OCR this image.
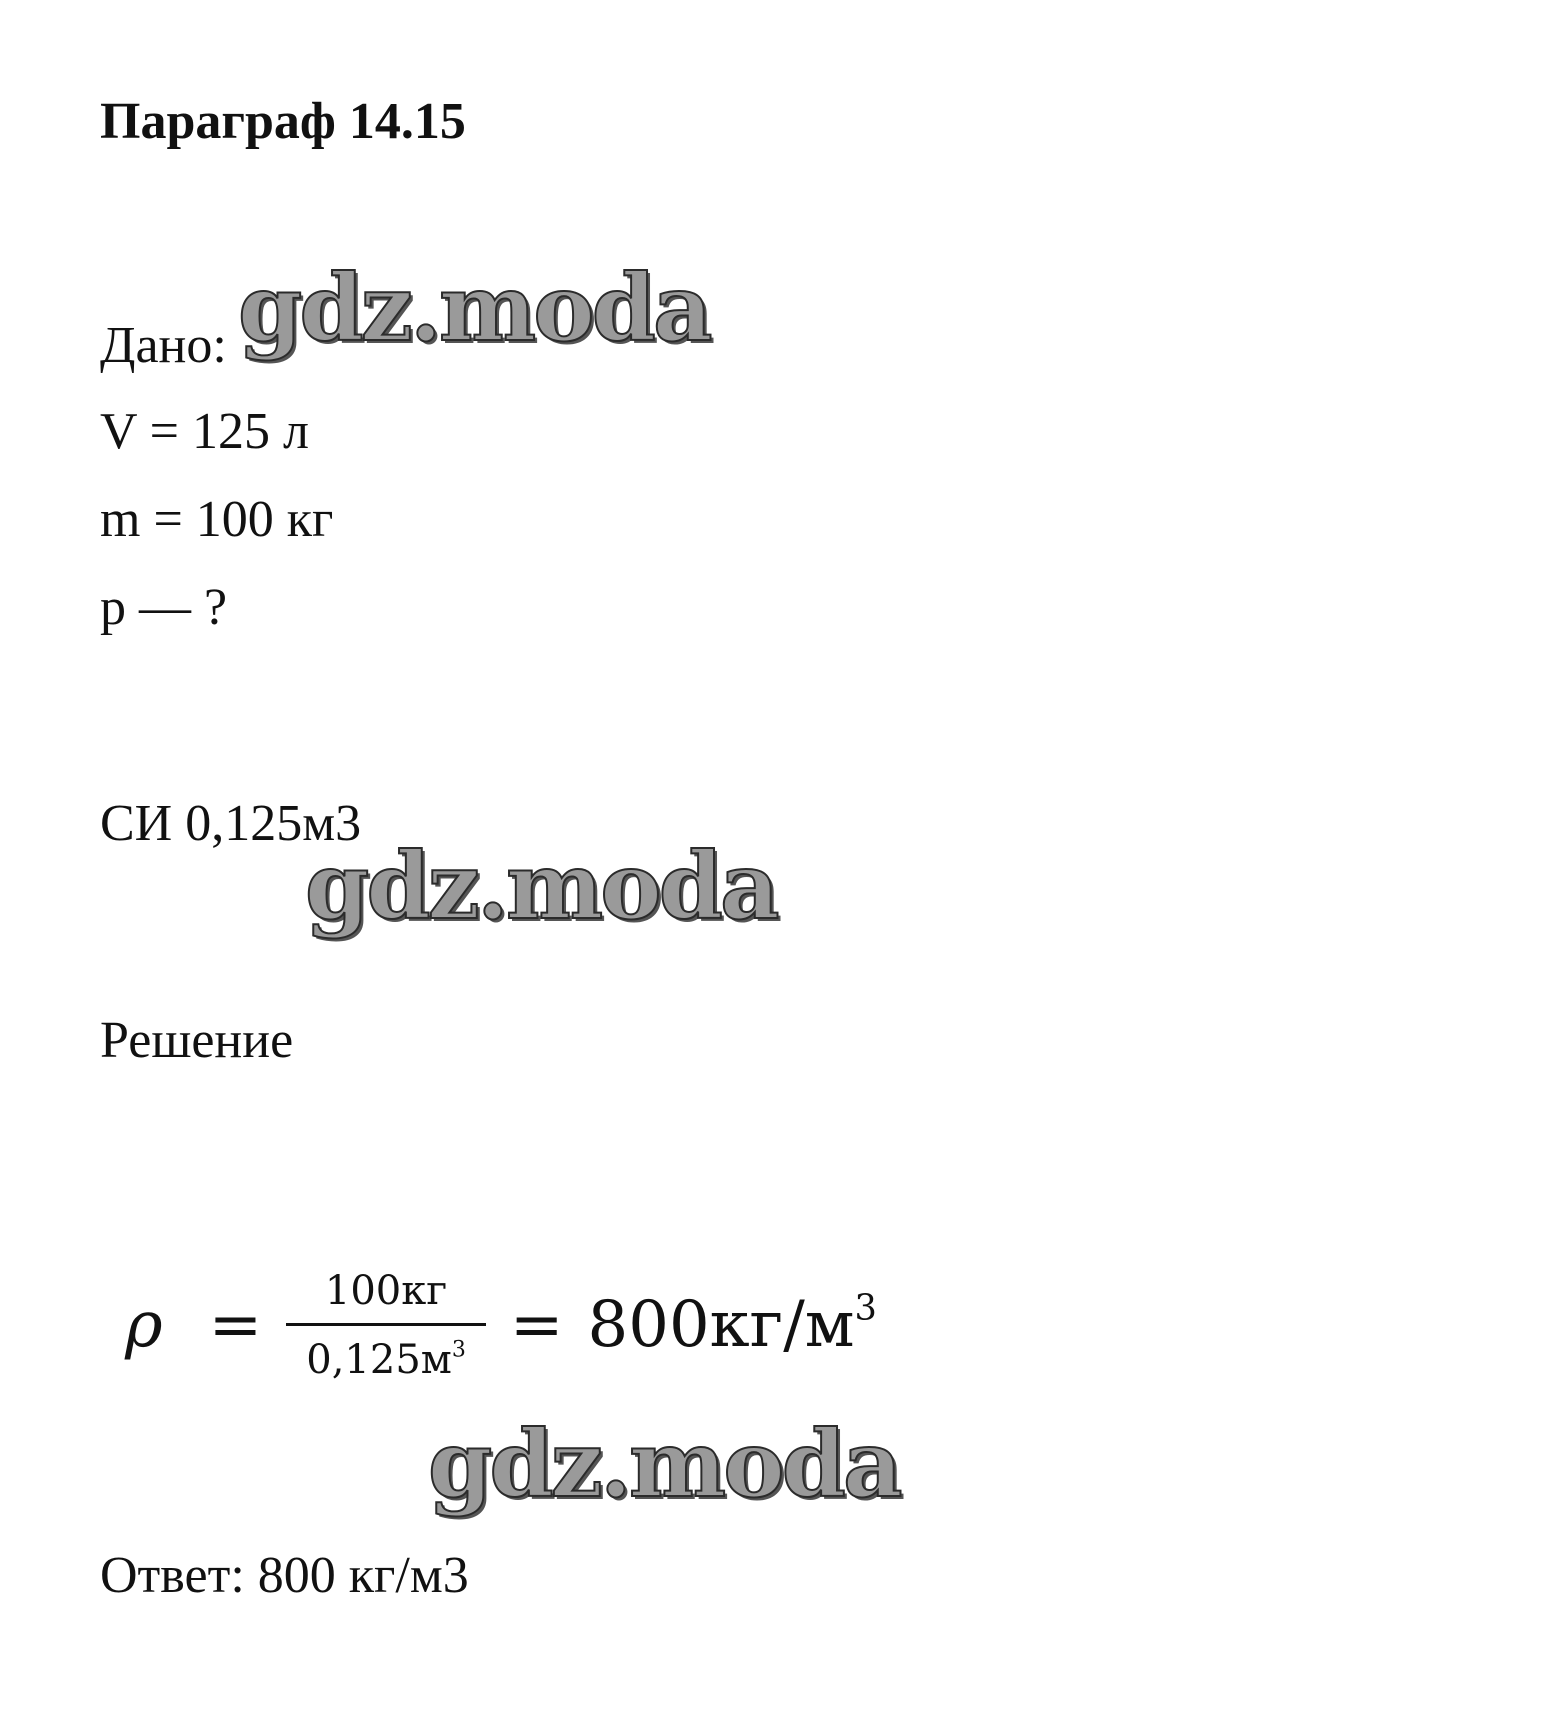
Параграф 14.15
Дано:
V = 125 л
m = 100 кг
p — ?
СИ 0,125м3
Решение
$\rho = \frac{100кг}{0,125м^3} = 800кг/м^3$
Ответ: 800 кг/м3
gdz.moda
gdz.moda
gdz.moda
